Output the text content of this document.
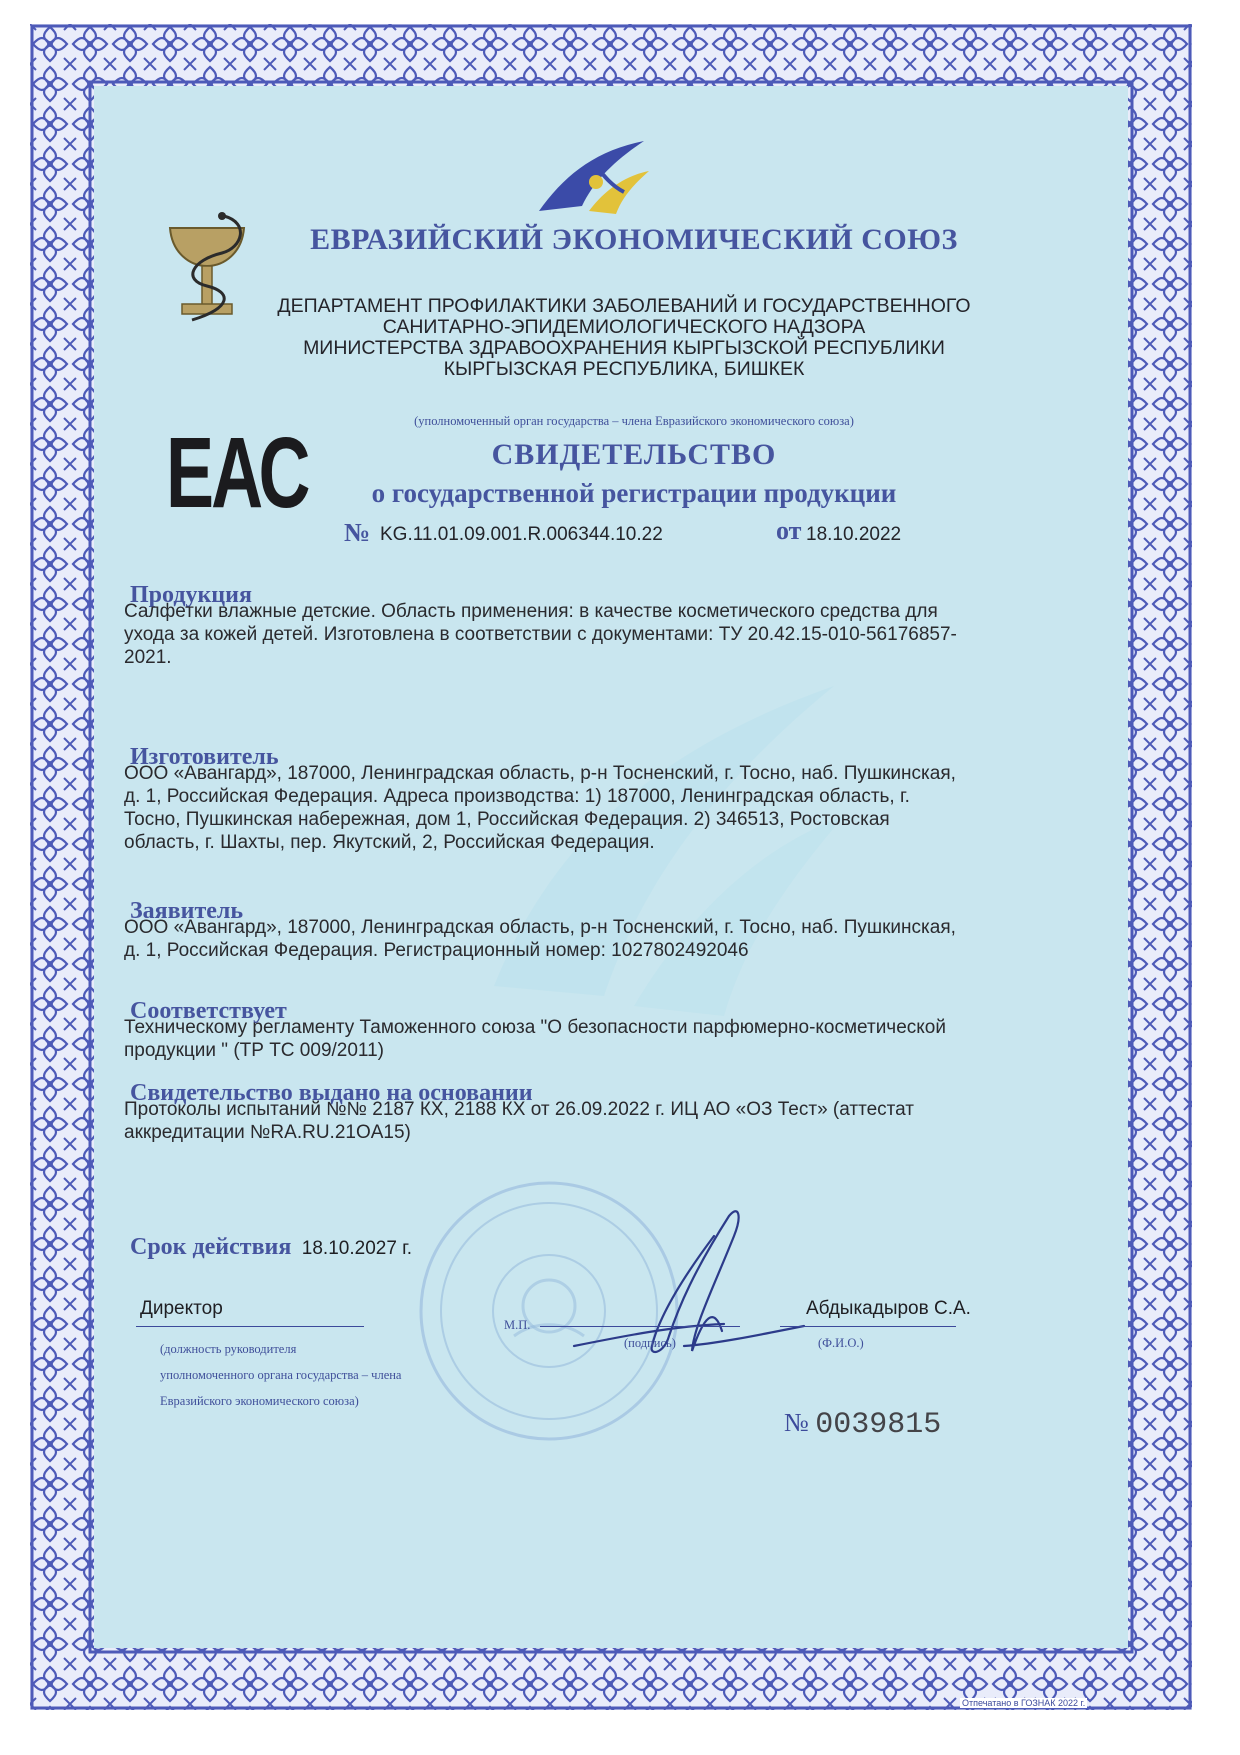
ЕВРАЗИЙСКИЙ ЭКОНОМИЧЕСКИЙ СОЮЗ
ДЕПАРТАМЕНТ ПРОФИЛАКТИКИ ЗАБОЛЕВАНИЙ И ГОСУДАРСТВЕННОГО
САНИТАРНО-ЭПИДЕМИОЛОГИЧЕСКОГО НАДЗОРА
МИНИСТЕРСТВА ЗДРАВООХРАНЕНИЯ КЫРГЫЗСКОЙ РЕСПУБЛИКИ
КЫРГЫЗСКАЯ РЕСПУБЛИКА, БИШКЕК
(уполномоченный орган государства – члена Евразийского экономического союза)
ЕАС	СВИДЕТЕЛЬСТВО
о государственной регистрации продукции
№ KG.11.01.09.001.R.006344.10.22	от 18.10.2022
Продукция
Салфетки влажные детские. Область применения: в качестве косметического средства для
ухода за кожей детей. Изготовлена в соответствии с документами: ТУ 20.42.15-010-56176857-
2021.
Изготовитель
ООО «Авангард», 187000, Ленинградская область, р-н Тосненский, г. Тосно, наб. Пушкинская,
д. 1, Российская Федерация. Адреса производства: 1) 187000, Ленинградская область, г.
Тосно, Пушкинская набережная, дом 1, Российская Федерация. 2) 346513, Ростовская
область, г. Шахты, пер. Якутский, 2, Российская Федерация.
Заявитель
ООО «Авангард», 187000, Ленинградская область, р-н Тосненский, г. Тосно, наб. Пушкинская,
д. 1, Российская Федерация. Регистрационный номер: 1027802492046
Соответствует
Техническому регламенту Таможенного союза "О безопасности парфюмерно-косметической
продукции " (ТР ТС 009/2011)
Свидетельство выдано на основании
Протоколы испытаний №№ 2187 КХ, 2188 КХ от 26.09.2022 г. ИЦ АО «ОЗ Тест» (аттестат
аккредитации №RA.RU.21OA15)
Срок действия 18.10.2027 г.
Директор
(должность руководителя
уполномоченного органа государства – члена
Евразийского экономического союза)
М.П.
(подпись)
Абдыкадыров С.А.
(Ф.И.О.)
№ 0039815
Отпечатано в ГОЗНАК 2022 г.
